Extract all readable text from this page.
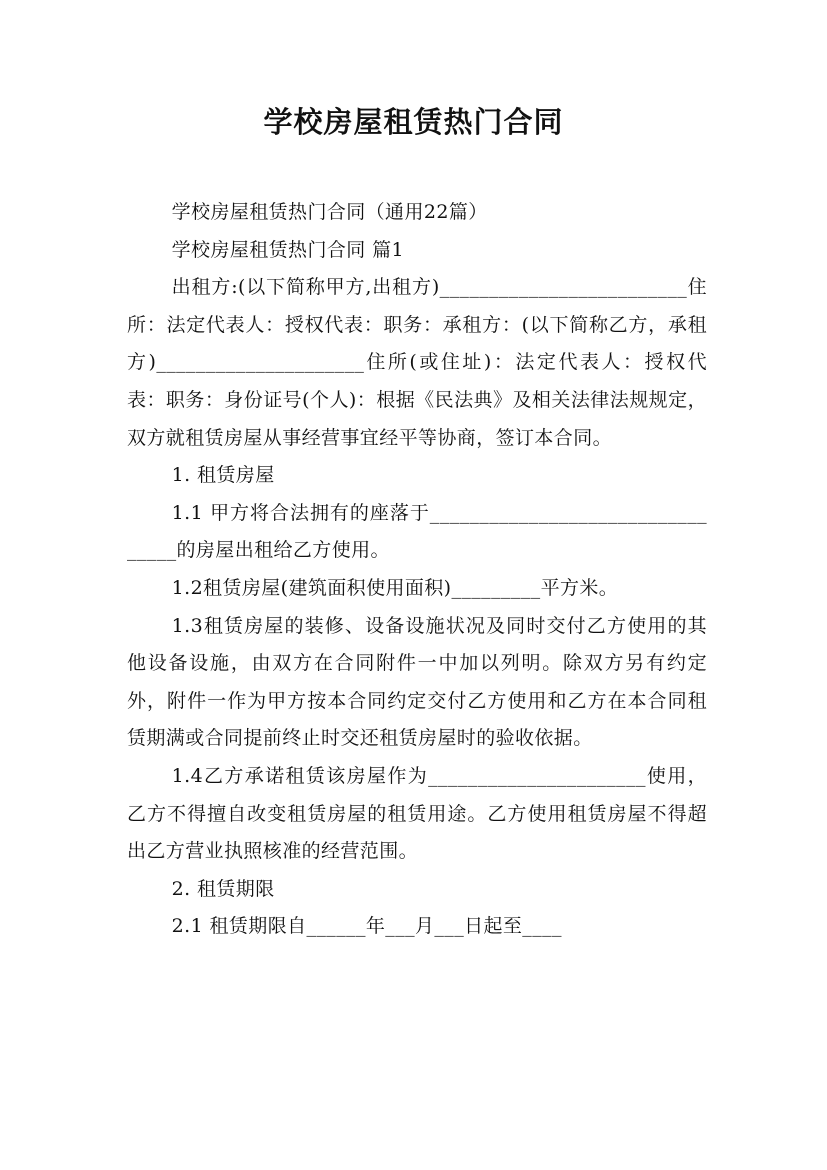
学校房屋租赁热门合同

学校房屋租赁热门合同（通用22篇）

学校房屋租赁热门合同 篇1

出租方:(以下简称甲方,出租方)_________________________住所：法定代表人：授权代表：职务：承租方：(以下简称乙方，承租方)_____________________住所(或住址)：法定代表人：授权代表：职务：身份证号(个人)：根据《民法典》及相关法律法规规定，双方就租赁房屋从事经营事宜经平等协商，签订本合同。

1. 租赁房屋

1.1 甲方将合法拥有的座落于_________________________________的房屋出租给乙方使用。

1.2租赁房屋(建筑面积使用面积)_________平方米。

1.3租赁房屋的装修、设备设施状况及同时交付乙方使用的其他设备设施，由双方在合同附件一中加以列明。除双方另有约定外，附件一作为甲方按本合同约定交付乙方使用和乙方在本合同租赁期满或合同提前终止时交还租赁房屋时的验收依据。

1.4乙方承诺租赁该房屋作为______________________使用，乙方不得擅自改变租赁房屋的租赁用途。乙方使用租赁房屋不得超出乙方营业执照核准的经营范围。

2. 租赁期限

2.1 租赁期限自______年___月___日起至____
